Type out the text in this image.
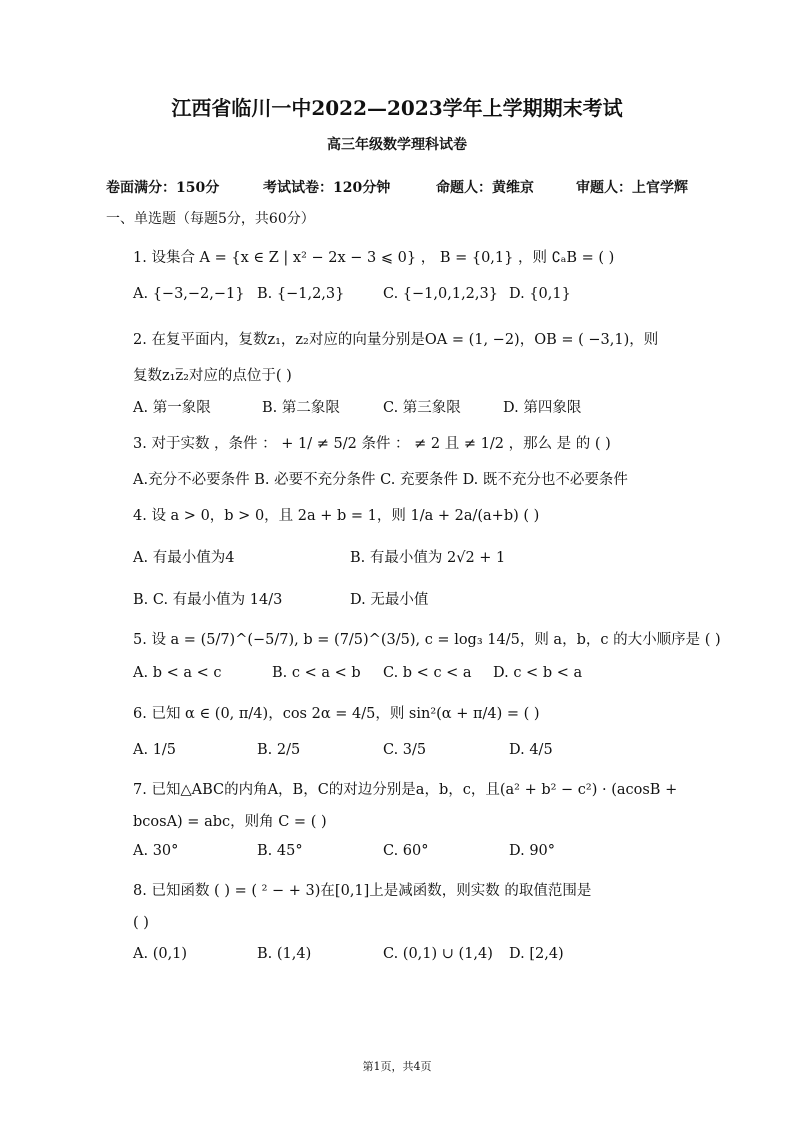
江西省临川一中2022—2023学年上学期期末考试
高三年级数学理科试卷
卷面满分：150分	考试试卷：120分钟	命题人：黄维京	审题人：上官学辉
一、单选题（每题5分，共60分）
1. 设集合 A = {x ∈ Z | x² − 2x − 3 ⩽ 0} ， B = {0,1} ，则 ∁ₐB = ( )
A. {−3,−2,−1} B. {−1,2,3}	C. {−1,0,1,2,3} D. {0,1}
2. 在复平面内，复数z₁，z₂对应的向量分别是OA = (1, −2)，OB = ( −3,1)，则
复数z₁z̅₂对应的点位于( )
A. 第一象限	B. 第二象限	C. 第三象限	D. 第四象限
3. 对于实数 ，条件 ： + 1/ ≠ 5/2 条件 ： ≠ 2 且 ≠ 1/2 ，那么 是 的 ( )
A.充分不必要条件 B. 必要不充分条件 C. 充要条件 D. 既不充分也不必要条件
4. 设 a > 0，b > 0，且 2a + b = 1，则 1/a + 2a/(a+b) ( )
A. 有最小值为4	B. 有最小值为 2√2 + 1
B. C. 有最小值为 14/3	D. 无最小值
5. 设 a = (5/7)^(−5/7), b = (7/5)^(3/5), c = log₃ 14/5，则 a，b，c 的大小顺序是 ( )
A. b < a < c	B. c < a < b C. b < c < a D. c < b < a
6. 已知 α ∈ (0, π/4)，cos 2α = 4/5，则 sin²(α + π/4) = ( )
A. 1/5	B. 2/5	C. 3/5	D. 4/5
7. 已知△ABC的内角A，B，C的对边分别是a，b，c，且(a² + b² − c²) · (acosB +
bcosA) = abc，则角 C = ( )
A. 30°	B. 45°	C. 60°	D. 90°
8. 已知函数 ( ) = ( ² − + 3)在[0,1]上是减函数，则实数 的取值范围是
( )
A. (0,1)	B. (1,4)	C. (0,1) ∪ (1,4) D. [2,4)
第1页，共4页
